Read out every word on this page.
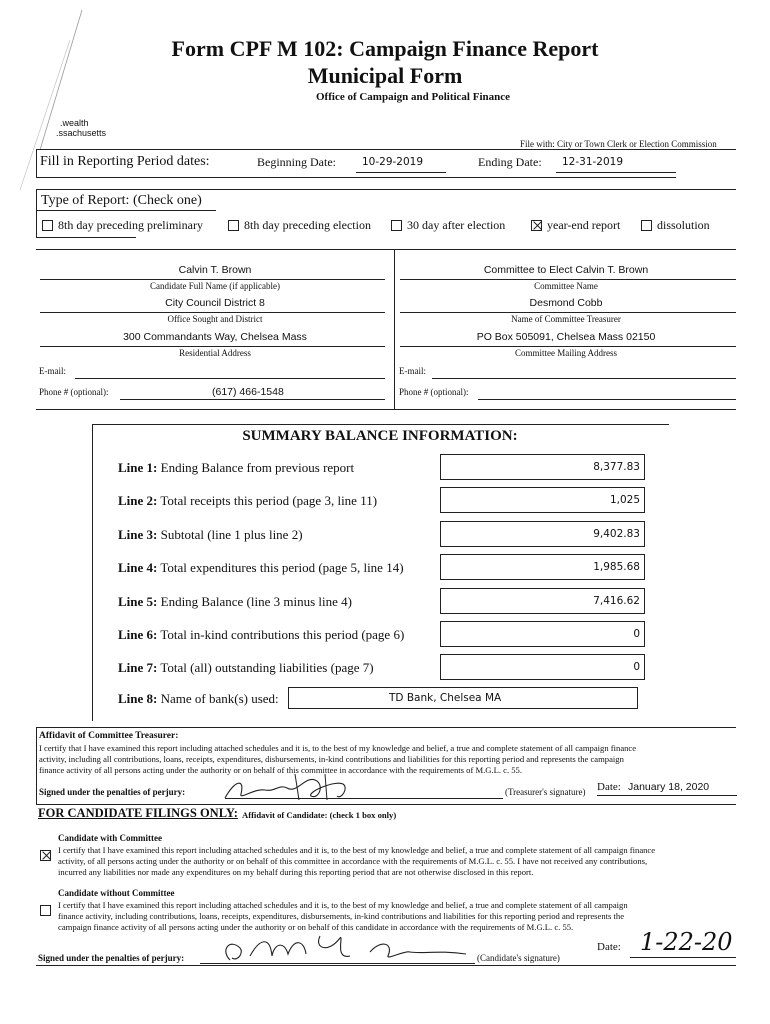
Form CPF M 102: Campaign Finance Report
Municipal Form
Office of Campaign and Political Finance
.wealth
.ssachusetts
File with: City or Town Clerk or Election Commission
Fill in Reporting Period dates:	Beginning Date: 10-29-2019	Ending Date: 12-31-2019
Type of Report: (Check one)
8th day preceding preliminary	8th day preceding election	30 day after election	year-end report	dissolution
Calvin T. Brown
Candidate Full Name (if applicable)
City Council District 8
Office Sought and District
300 Commandants Way, Chelsea Mass
Residential Address
E-mail:
Phone # (optional):	(617) 466-1548
Committee to Elect Calvin T. Brown
Committee Name
Desmond Cobb
Name of Committee Treasurer
PO Box 505091, Chelsea Mass 02150
Committee Mailing Address
E-mail:
Phone # (optional):
SUMMARY BALANCE INFORMATION:
Line 1: Ending Balance from previous report	8,377.83
Line 2: Total receipts this period (page 3, line 11)	1,025
Line 3: Subtotal (line 1 plus line 2)	9,402.83
Line 4: Total expenditures this period (page 5, line 14)	1,985.68
Line 5: Ending Balance (line 3 minus line 4)	7,416.62
Line 6: Total in-kind contributions this period (page 6)	0
Line 7: Total (all) outstanding liabilities (page 7)	0
Line 8: Name of bank(s) used:	TD Bank, Chelsea MA
Affidavit of Committee Treasurer:
I certify that I have examined this report including attached schedules and it is, to the best of my knowledge and belief, a true and complete statement of all campaign finance
activity, including all contributions, loans, receipts, expenditures, disbursements, in-kind contributions and liabilities for this reporting period and represents the campaign
finance activity of all persons acting under the authority or on behalf of this committee in accordance with the requirements of M.G.L. c. 55.
Signed under the penalties of perjury:	(Treasurer's signature) Date: January 18, 2020
FOR CANDIDATE FILINGS ONLY: Affidavit of Candidate: (check 1 box only)
Candidate with Committee
I certify that I have examined this report including attached schedules and it is, to the best of my knowledge and belief, a true and complete statement of all campaign finance
activity, of all persons acting under the authority or on behalf of this committee in accordance with the requirements of M.G.L. c. 55. I have not received any contributions,
incurred any liabilities nor made any expenditures on my behalf during this reporting period that are not otherwise disclosed in this report.
Candidate without Committee
I certify that I have examined this report including attached schedules and it is, to the best of my knowledge and belief, a true and complete statement of all campaign
finance activity, including contributions, loans, receipts, expenditures, disbursements, in-kind contributions and liabilities for this reporting period and represents the
campaign finance activity of all persons acting under the authority or on behalf of this candidate in accordance with the requirements of M.G.L. c. 55.
Date: 1-22-20
Signed under the penalties of perjury:	(Candidate's signature)
